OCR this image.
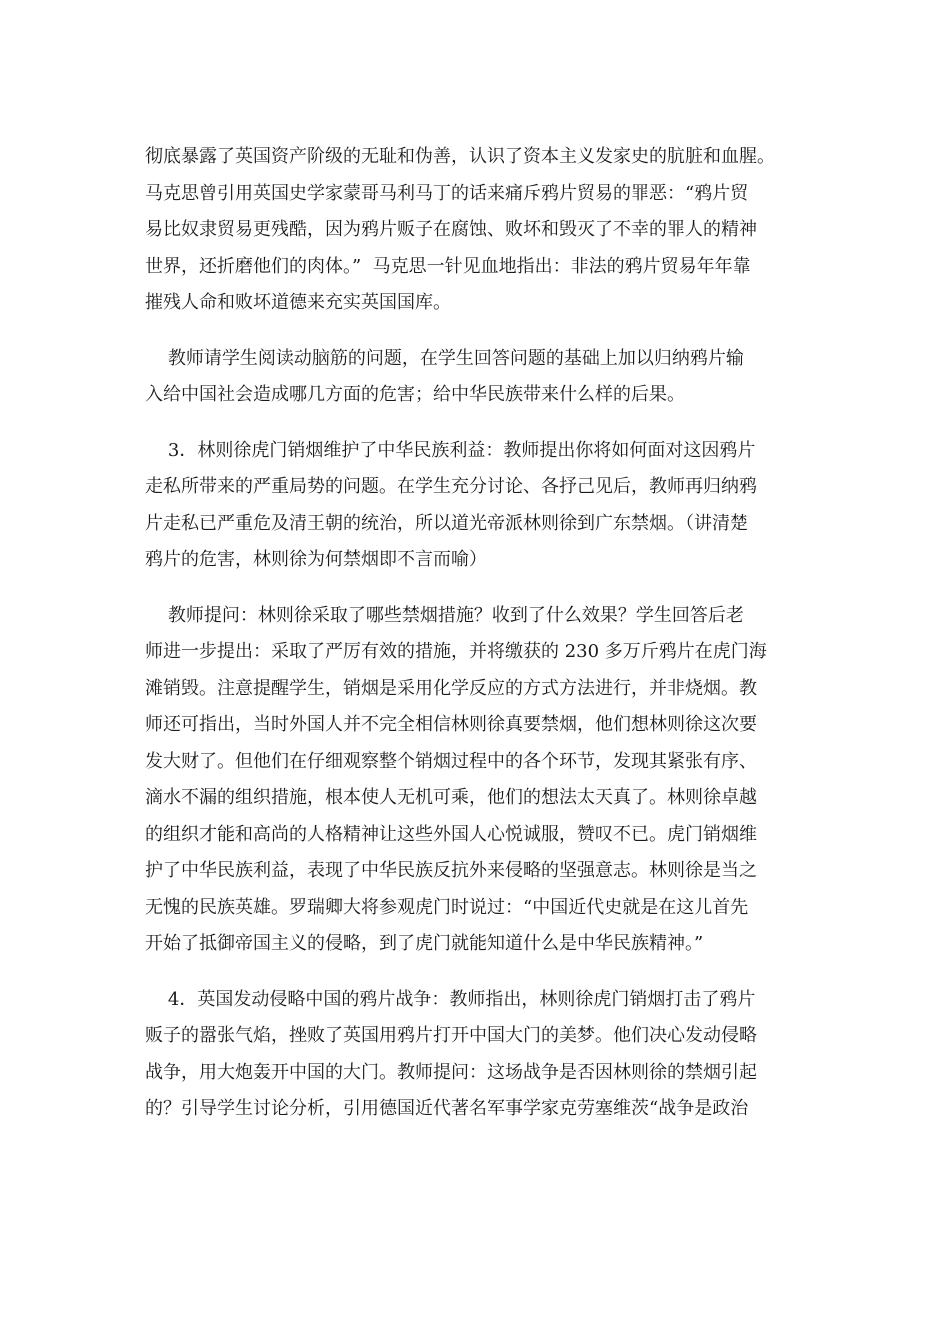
彻底暴露了英国资产阶级的无耻和伪善，认识了资本主义发家史的肮脏和血腥。
马克思曾引用英国史学家蒙哥马利马丁的话来痛斥鸦片贸易的罪恶：“鸦片贸
易比奴隶贸易更残酷，因为鸦片贩子在腐蚀、败坏和毁灭了不幸的罪人的精神
世界，还折磨他们的肉体。”  马克思一针见血地指出：非法的鸦片贸易年年靠
摧残人命和败坏道德来充实英国国库。
教师请学生阅读动脑筋的问题，在学生回答问题的基础上加以归纳鸦片输
入给中国社会造成哪几方面的危害；给中华民族带来什么样的后果。
3．林则徐虎门销烟维护了中华民族利益：教师提出你将如何面对这因鸦片
走私所带来的严重局势的问题。在学生充分讨论、各抒己见后，教师再归纳鸦
片走私已严重危及清王朝的统治，所以道光帝派林则徐到广东禁烟。（讲清楚
鸦片的危害，林则徐为何禁烟即不言而喻）
教师提问：林则徐采取了哪些禁烟措施？收到了什么效果？学生回答后老
师进一步提出：采取了严厉有效的措施，并将缴获的 230 多万斤鸦片在虎门海
滩销毁。注意提醒学生，销烟是采用化学反应的方式方法进行，并非烧烟。教
师还可指出，当时外国人并不完全相信林则徐真要禁烟，他们想林则徐这次要
发大财了。但他们在仔细观察整个销烟过程中的各个环节，发现其紧张有序、
滴水不漏的组织措施，根本使人无机可乘，他们的想法太天真了。林则徐卓越
的组织才能和高尚的人格精神让这些外国人心悦诚服，赞叹不已。虎门销烟维
护了中华民族利益，表现了中华民族反抗外来侵略的坚强意志。林则徐是当之
无愧的民族英雄。罗瑞卿大将参观虎门时说过：“中国近代史就是在这儿首先
开始了抵御帝国主义的侵略，到了虎门就能知道什么是中华民族精神。”
4．英国发动侵略中国的鸦片战争：教师指出，林则徐虎门销烟打击了鸦片
贩子的嚣张气焰，挫败了英国用鸦片打开中国大门的美梦。他们决心发动侵略
战争，用大炮轰开中国的大门。教师提问：这场战争是否因林则徐的禁烟引起
的？引导学生讨论分析，引用德国近代著名军事学家克劳塞维茨“战争是政治
